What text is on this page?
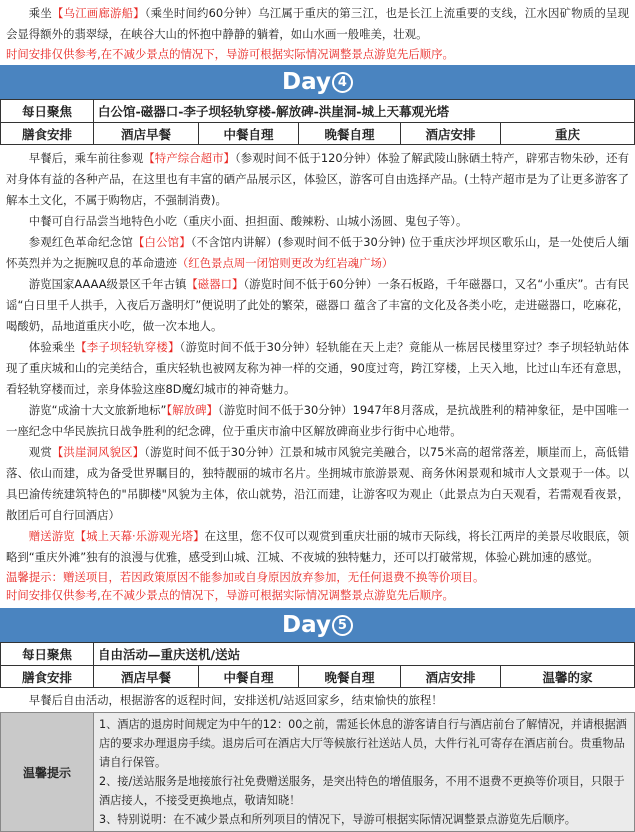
乘坐【乌江画廊游船】（乘坐时间约60分钟）乌江属于重庆的第三江，也是长江上流重要的支线，江水因矿物质的呈现会显得额外的翡翠绿，在峡谷大山的怀抱中静静的躺着，如山水画一般唯美，壮观。
时间安排仅供参考,在不减少景点的情况下，导游可根据实际情况调整景点游览先后顺序。
Day 4
每日聚焦	白公馆-磁器口-李子坝轻轨穿楼-解放碑-洪崖洞-城上天幕观光塔
膳食安排	酒店早餐	中餐自理	晚餐自理	酒店安排	重庆
早餐后，乘车前往参观【特产综合超市】（参观时间不低于120分钟）体验了解武陵山脉硒土特产，辟邪吉物朱砂，还有对身体有益的各种产品，在这里也有丰富的硒产品展示区，体验区，游客可自由选择产品。(土特产超市是为了让更多游客了解本土文化，不属于购物店，不强制消费)。
中餐可自行品尝当地特色小吃（重庆小面、担担面、酸辣粉、山城小汤圆、鬼包子等）。
参观红色革命纪念馆【白公馆】（不含馆内讲解）(参观时间不低于30分钟) 位于重庆沙坪坝区歌乐山，是一处使后人缅怀英烈并为之扼腕叹息的革命遗迹（红色景点周一闭馆则更改为红岩魂广场）
游览国家AAAA级景区千年古镇【磁器口】（游览时间不低于60分钟）一条石板路，千年磁器口，又名“小重庆”。古有民谣“白日里千人拱手，入夜后万盏明灯”便说明了此处的繁荣，磁器口 蕴含了丰富的文化及各类小吃，走进磁器口，吃麻花，喝酸奶，品地道重庆小吃，做一次本地人。
体验乘坐【李子坝轻轨穿楼】（游览时间不低于30分钟）轻轨能在天上走？竟能从一栋居民楼里穿过？李子坝轻轨站体现了重庆城和山的完美结合，重庆轻轨也被网友称为神一样的交通，90度过弯，跨江穿楼，上天入地，比过山车还有意思，看轻轨穿楼而过，亲身体验这座8D魔幻城市的神奇魅力。
游览“成渝十大文旅新地标”【解放碑】（游览时间不低于30分钟）1947年8月落成，是抗战胜利的精神象征，是中国唯一一座纪念中华民族抗日战争胜利的纪念碑，位于重庆市渝中区解放碑商业步行街中心地带。
观赏【洪崖洞风貌区】（游览时间不低于30分钟）江景和城市风貌完美融合，以75米高的超常落差，顺崖而上，高低错落、依山而建，成为备受世界瞩目的，独特靓丽的城市名片。坐拥城市旅游景观、商务休闲景观和城市人文景观于一体。以具巴渝传统建筑特色的"吊脚楼"风貌为主体，依山就势，沿江而建，让游客叹为观止（此景点为白天观看，若需观看夜景，散团后可自行回酒店）
赠送游览【城上天幕·乐游观光塔】在这里，您不仅可以观赏到重庆壮丽的城市天际线，将长江两岸的美景尽收眼底，领略到“重庆外滩”独有的浪漫与优雅，感受到山城、江城、不夜城的独特魅力，还可以打破常规，体验心跳加速的感觉。
温馨提示：赠送项目，若因政策原因不能参加或自身原因放弃参加，无任何退费不换等价项目。
时间安排仅供参考,在不减少景点的情况下，导游可根据实际情况调整景点游览先后顺序。
Day 5
每日聚焦	自由活动—重庆送机/送站
膳食安排	酒店早餐	中餐自理	晚餐自理	酒店安排	温馨的家
早餐后自由活动，根据游客的返程时间，安排送机/站返回家乡，结束愉快的旅程！
温馨提示	
1、酒店的退房时间规定为中午的12：00之前，需延长休息的游客请自行与酒店前台了解情况，并请根据酒店的要求办理退房手续。退房后可在酒店大厅等候旅行社送站人员，大件行礼可寄存在酒店前台。贵重物品请自行保管。
2、接/送站服务是地接旅行社免费赠送服务，是突出特色的增值服务，不用不退费不更换等价项目，只限于酒店接人，不接受更换地点，敬请知晓！
3、特别说明：在不减少景点和所列项目的情况下，导游可根据实际情况调整景点游览先后顺序。
